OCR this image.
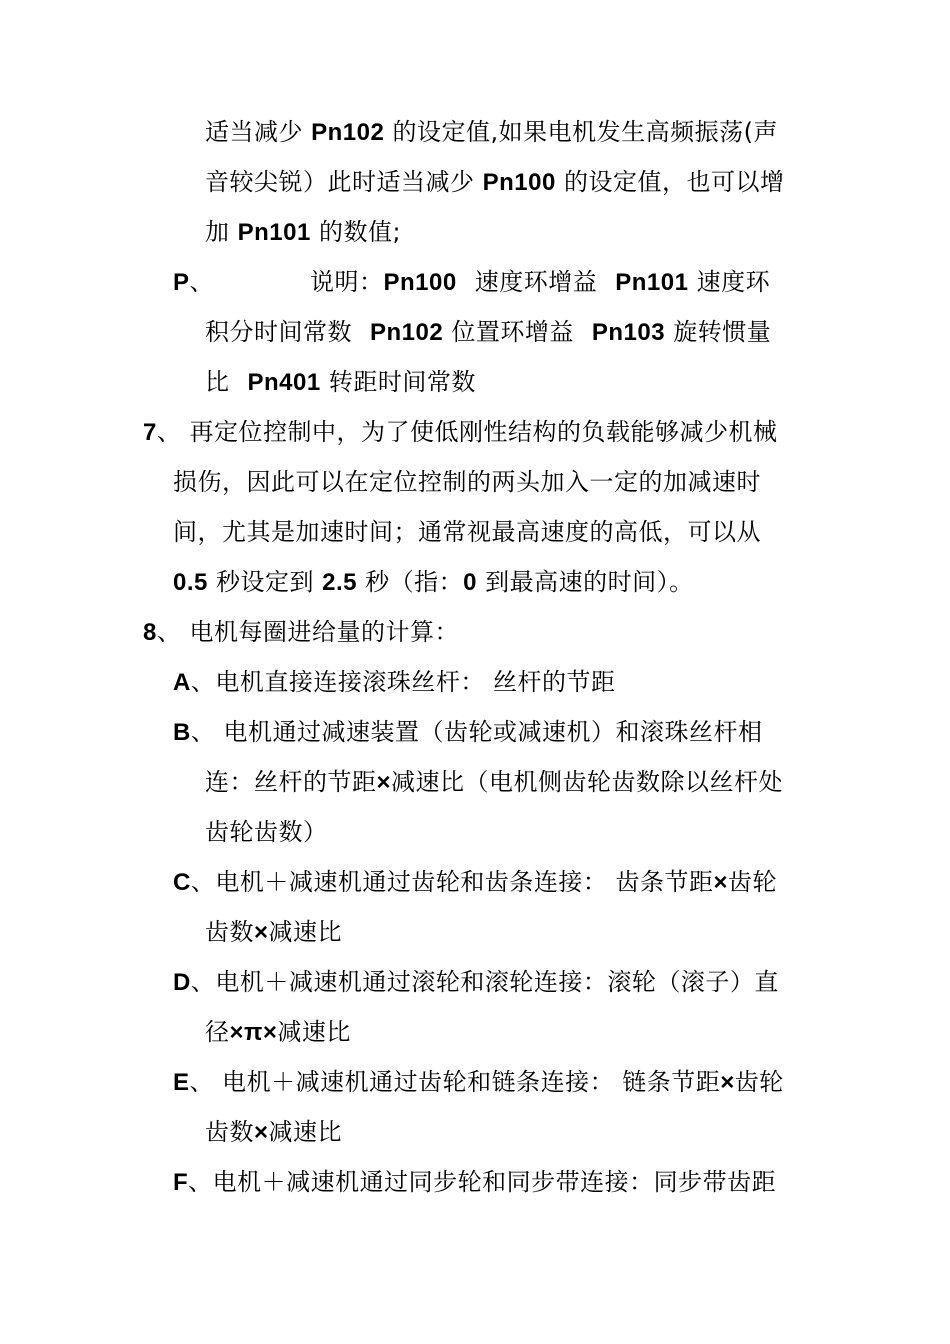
适当减少 Pn102 的设定值,如果电机发生高频振荡(声
音较尖锐）此时适当减少 Pn100 的设定值，也可以增
加 Pn101 的数值;
P、	说明：Pn100 速度环增益 Pn101 速度环
积分时间常数 Pn102 位置环增益 Pn103 旋转惯量
比 Pn401 转距时间常数
7、 再定位控制中，为了使低刚性结构的负载能够减少机械
损伤，因此可以在定位控制的两头加入一定的加减速时
间，尤其是加速时间；通常视最高速度的高低，可以从
0.5 秒设定到 2.5 秒（指：0 到最高速的时间）。
8、 电机每圈进给量的计算：
A、电机直接连接滚珠丝杆： 丝杆的节距
B、 电机通过减速装置（齿轮或减速机）和滚珠丝杆相
连：丝杆的节距×减速比（电机侧齿轮齿数除以丝杆处
齿轮齿数）
C、电机＋减速机通过齿轮和齿条连接： 齿条节距×齿轮
齿数×减速比
D、电机＋减速机通过滚轮和滚轮连接：滚轮（滚子）直
径×π×减速比
E、 电机＋减速机通过齿轮和链条连接： 链条节距×齿轮
齿数×减速比
F、电机＋减速机通过同步轮和同步带连接：同步带齿距
